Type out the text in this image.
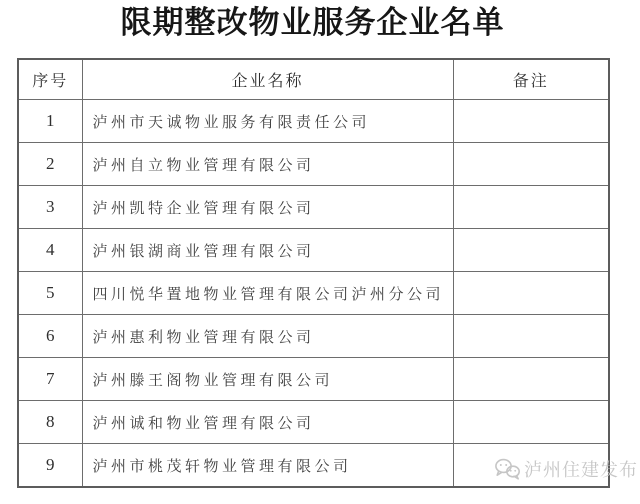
限期整改物业服务企业名单
序号	企业名称	备注
1	泸州市天诚物业服务有限责任公司	
2	泸州自立物业管理有限公司	
3	泸州凯特企业管理有限公司	
4	泸州银湖商业管理有限公司	
5	四川悦华置地物业管理有限公司泸州分公司	
6	泸州惠利物业管理有限公司	
7	泸州滕王阁物业管理有限公司	
8	泸州诚和物业管理有限公司	
9	泸州市桃茂轩物业管理有限公司		泸州住建发布
